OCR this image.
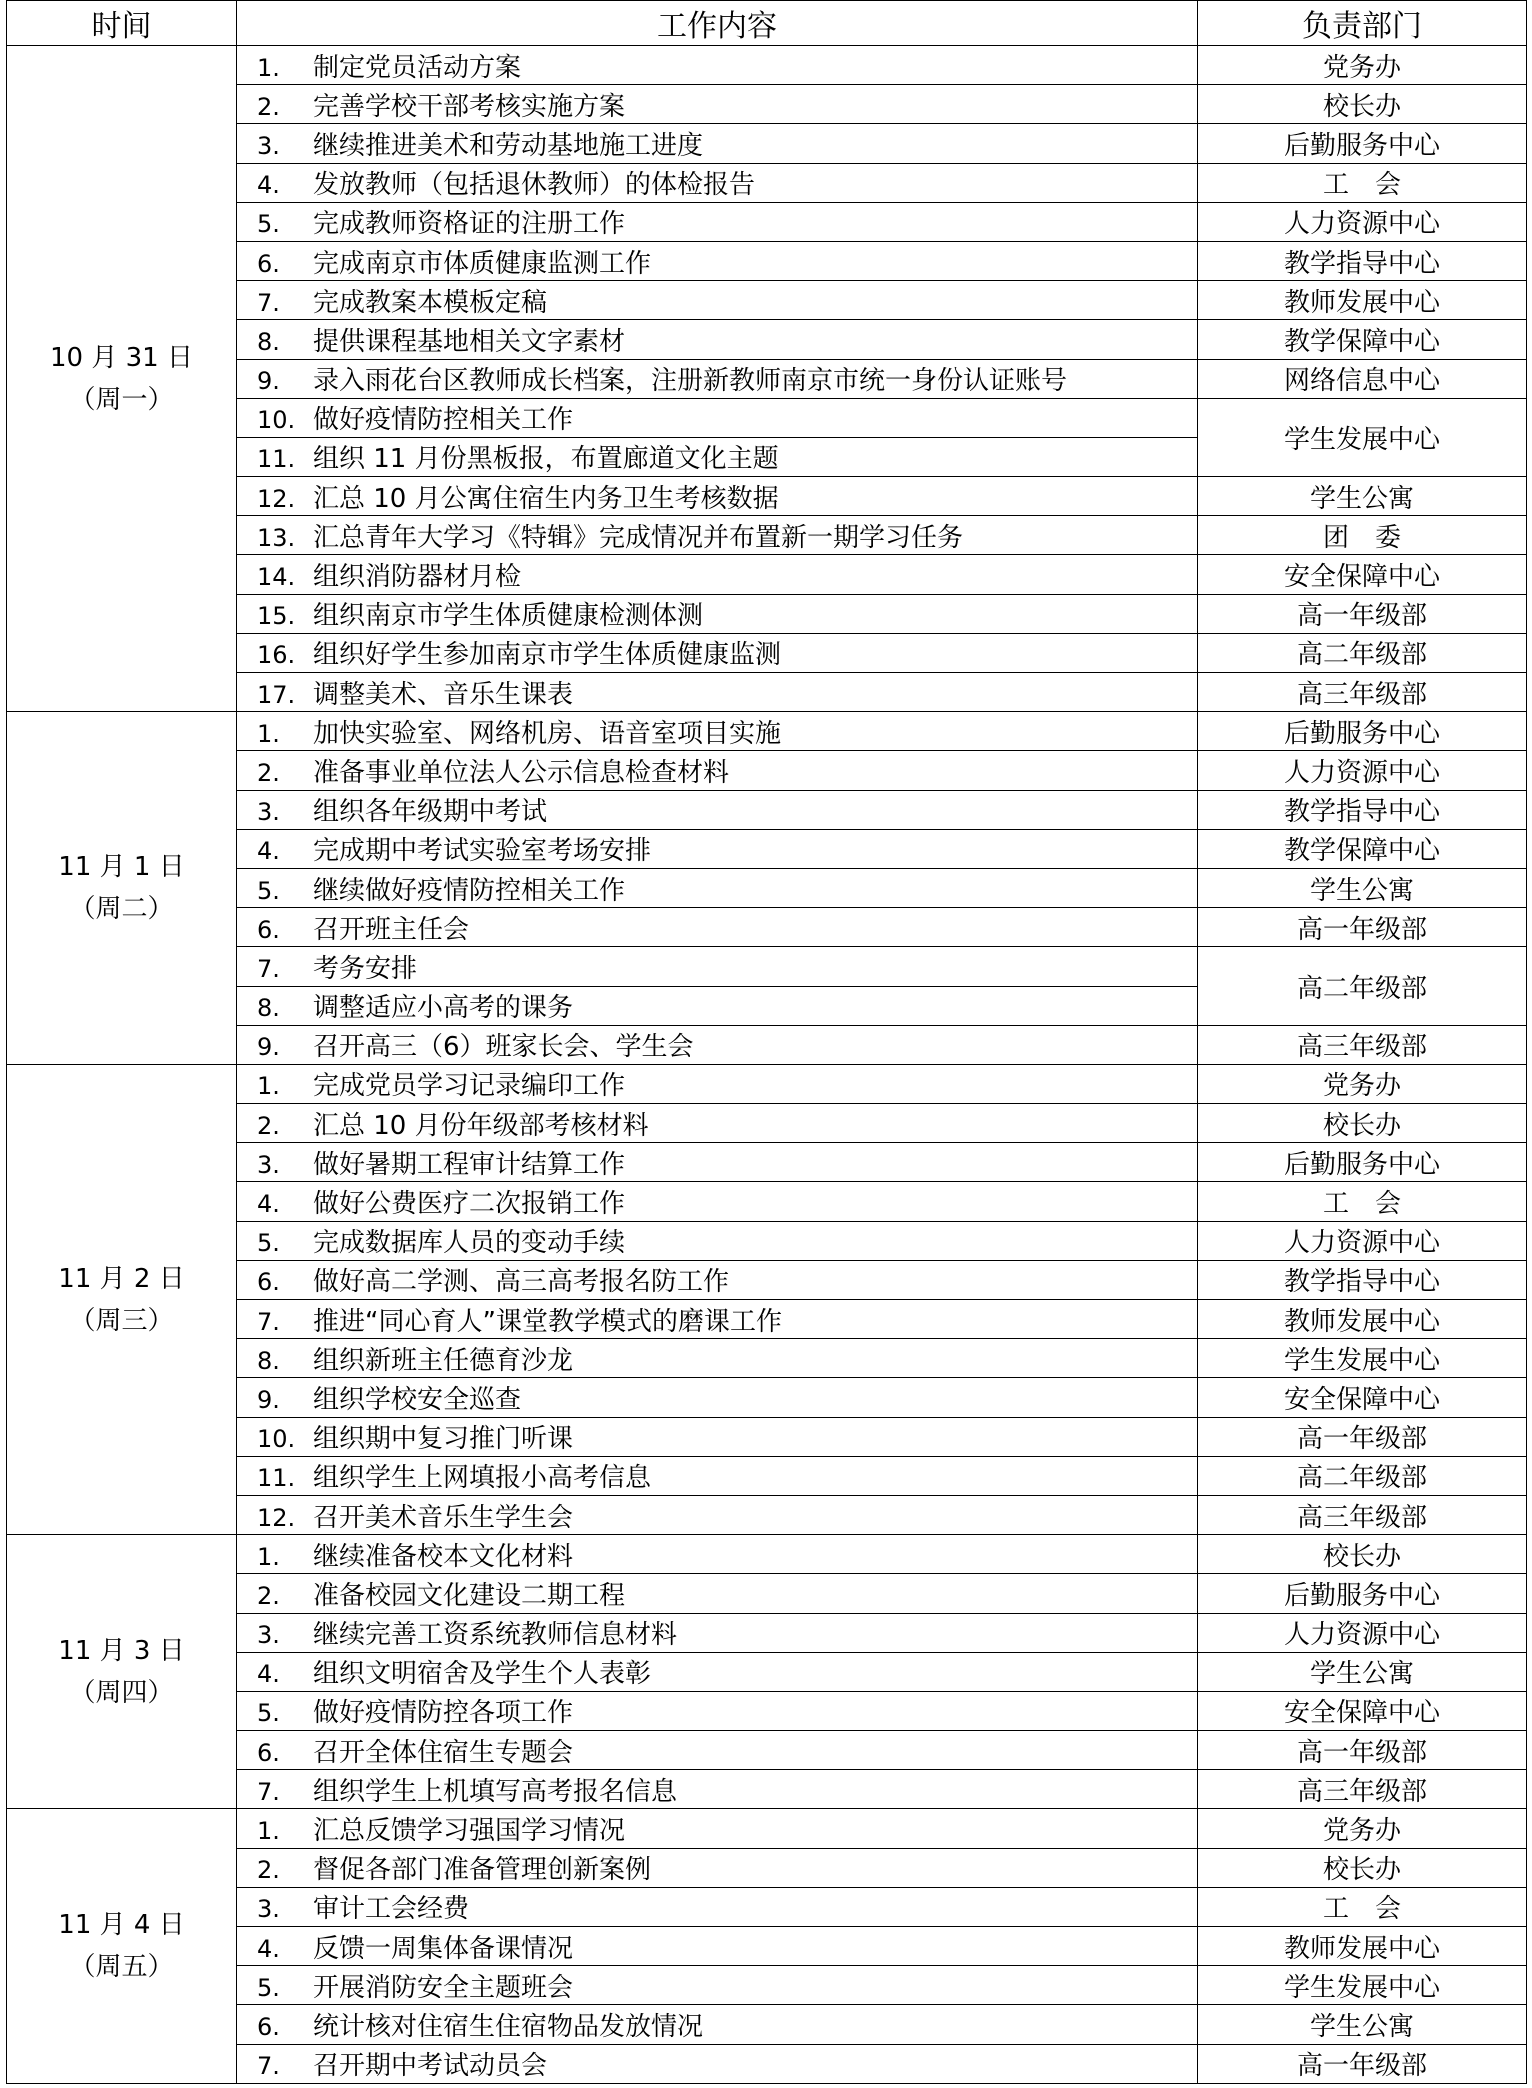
时间	工作内容	负责部门

10 月 31 日
（周一）	1. 制定党员活动方案	党务办
	2. 完善学校干部考核实施方案	校长办
	3. 继续推进美术和劳动基地施工进度	后勤服务中心
	4. 发放教师（包括退休教师）的体检报告	工　会
	5. 完成教师资格证的注册工作	人力资源中心
	6. 完成南京市体质健康监测工作	教学指导中心
	7. 完成教案本模板定稿	教师发展中心
	8. 提供课程基地相关文字素材	教学保障中心
	9. 录入雨花台区教师成长档案，注册新教师南京市统一身份认证账号	网络信息中心
	10. 做好疫情防控相关工作	学生发展中心
	11. 组织 11 月份黑板报，布置廊道文化主题	
	12. 汇总 10 月公寓住宿生内务卫生考核数据	学生公寓
	13. 汇总青年大学习《特辑》完成情况并布置新一期学习任务	团　委
	14. 组织消防器材月检	安全保障中心
	15. 组织南京市学生体质健康检测体测	高一年级部
	16. 组织好学生参加南京市学生体质健康监测	高二年级部
	17. 调整美术、音乐生课表	高三年级部

11 月 1 日
（周二）	1. 加快实验室、网络机房、语音室项目实施	后勤服务中心
	2. 准备事业单位法人公示信息检查材料	人力资源中心
	3. 组织各年级期中考试	教学指导中心
	4. 完成期中考试实验室考场安排	教学保障中心
	5. 继续做好疫情防控相关工作	学生公寓
	6. 召开班主任会	高一年级部
	7. 考务安排	高二年级部
	8. 调整适应小高考的课务	
	9. 召开高三（6）班家长会、学生会	高三年级部

11 月 2 日
（周三）	1. 完成党员学习记录编印工作	党务办
	2. 汇总 10 月份年级部考核材料	校长办
	3. 做好暑期工程审计结算工作	后勤服务中心
	4. 做好公费医疗二次报销工作	工　会
	5. 完成数据库人员的变动手续	人力资源中心
	6. 做好高二学测、高三高考报名防工作	教学指导中心
	7. 推进“同心育人”课堂教学模式的磨课工作	教师发展中心
	8. 组织新班主任德育沙龙	学生发展中心
	9. 组织学校安全巡查	安全保障中心
	10. 组织期中复习推门听课	高一年级部
	11. 组织学生上网填报小高考信息	高二年级部
	12. 召开美术音乐生学生会	高三年级部

11 月 3 日
（周四）	1. 继续准备校本文化材料	校长办
	2. 准备校园文化建设二期工程	后勤服务中心
	3. 继续完善工资系统教师信息材料	人力资源中心
	4. 组织文明宿舍及学生个人表彰	学生公寓
	5. 做好疫情防控各项工作	安全保障中心
	6. 召开全体住宿生专题会	高一年级部
	7. 组织学生上机填写高考报名信息	高三年级部

11 月 4 日
（周五）	1. 汇总反馈学习强国学习情况	党务办
	2. 督促各部门准备管理创新案例	校长办
	3. 审计工会经费	工　会
	4. 反馈一周集体备课情况	教师发展中心
	5. 开展消防安全主题班会	学生发展中心
	6. 统计核对住宿生住宿物品发放情况	学生公寓
	7. 召开期中考试动员会	高一年级部
